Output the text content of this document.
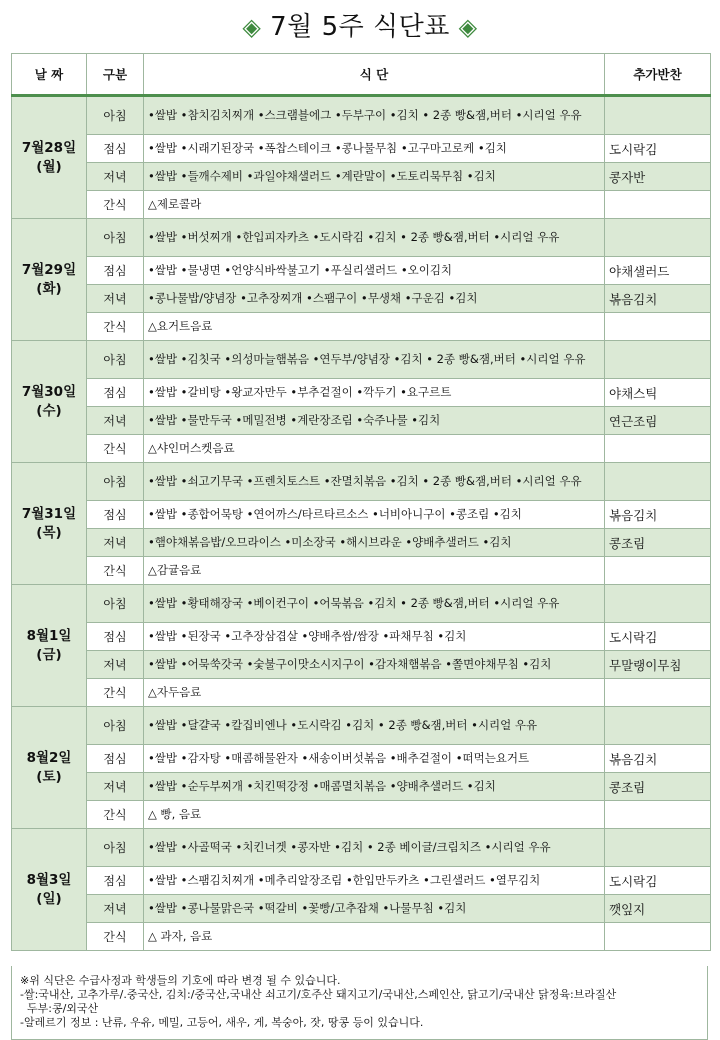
◈ 7월 5주 식단표 ◈
날 짜	구분	식 단	추가반찬

7월28일
(월)	아침	•쌀밥 •참치김치찌개 •스크램블에그 •두부구이 •김치 • 2종 빵&잼,버터 •시리얼 우유	
	점심	•쌀밥 •시래기된장국 •폭찹스테이크 •콩나물무침 •고구마고로케 •김치	도시락김
	저녁	•쌀밥 •들깨수제비 •과일야채샐러드 •계란말이 •도토리묵무침 •김치	콩자반
	간식	△제로콜라	

7월29일
(화)	아침	•쌀밥 •버섯찌개 •한입피자카츠 •도시락김 •김치 • 2종 빵&잼,버터 •시리얼 우유	
	점심	•쌀밥 •물냉면 •언양식바싹불고기 •푸실리샐러드 •오이김치	야채샐러드
	저녁	•콩나물밥/양념장 •고추장찌개 •스팸구이 •무생채 •구운김 •김치	볶음김치
	간식	△요거트음료	

7월30일
(수)	아침	•쌀밥 •김칫국 •의성마늘햄볶음 •연두부/양념장 •김치 • 2종 빵&잼,버터 •시리얼 우유	
	점심	•쌀밥 •갈비탕 •왕교자만두 •부추겉절이 •깍두기 •요구르트	야채스틱
	저녁	•쌀밥 •물만두국 •메밀전병 •계란장조림 •숙주나물 •김치	연근조림
	간식	△샤인머스켓음료	

7월31일
(목)	아침	•쌀밥 •쇠고기무국 •프렌치토스트 •잔멸치볶음 •김치 • 2종 빵&잼,버터 •시리얼 우유	
	점심	•쌀밥 •종합어묵탕 •연어까스/타르타르소스 •너비아니구이 •콩조림 •김치	볶음김치
	저녁	•햄야채볶음밥/오므라이스 •미소장국 •해시브라운 •양배추샐러드 •김치	콩조림
	간식	△감귤음료	

8월1일
(금)	아침	•쌀밥 •황태해장국 •베이컨구이 •어묵볶음 •김치 • 2종 빵&잼,버터 •시리얼 우유	
	점심	•쌀밥 •된장국 •고추장삼겹살 •양배추쌈/쌈장 •파채무침 •김치	도시락김
	저녁	•쌀밥 •어묵쑥갓국 •숯불구이맛소시지구이 •감자채햄볶음 •쫄면야채무침 •김치	무말랭이무침
	간식	△자두음료	

8월2일
(토)	아침	•쌀밥 •달걀국 •칼집비엔나 •도시락김 •김치 • 2종 빵&잼,버터 •시리얼 우유	
	점심	•쌀밥 •감자탕 •매콤해물완자 •새송이버섯볶음 •배추겉절이 •떠먹는요거트	볶음김치
	저녁	•쌀밥 •순두부찌개 •치킨떡강정 •매콤멸치볶음 •양배추샐러드 •김치	콩조림
	간식	△ 빵, 음료	

8월3일
(일)	아침	•쌀밥 •사골떡국 •치킨너겟 •콩자반 •김치 • 2종 베이글/크림치즈 •시리얼 우유	
	점심	•쌀밥 •스팸김치찌개 •메추리알장조림 •한입만두카츠 •그린샐러드 •열무김치	도시락김
	저녁	•쌀밥 •콩나물맑은국 •떡갈비 •꽃빵/고추잡채 •나물무침 •김치	깻잎지
	간식	△ 과자, 음료	
※위 식단은 수급사정과 학생들의 기호에 따라 변경 될 수 있습니다.
-쌀:국내산, 고추가루/.중국산, 김치:/중국산,국내산 쇠고기/호주산 돼지고기/국내산,스페인산, 닭고기/국내산 닭정육:브라질산
두부:콩/외국산
-알레르기 정보 : 난류, 우유, 메밀, 고등어, 새우, 게, 복숭아, 잣, 땅콩 등이 있습니다.
